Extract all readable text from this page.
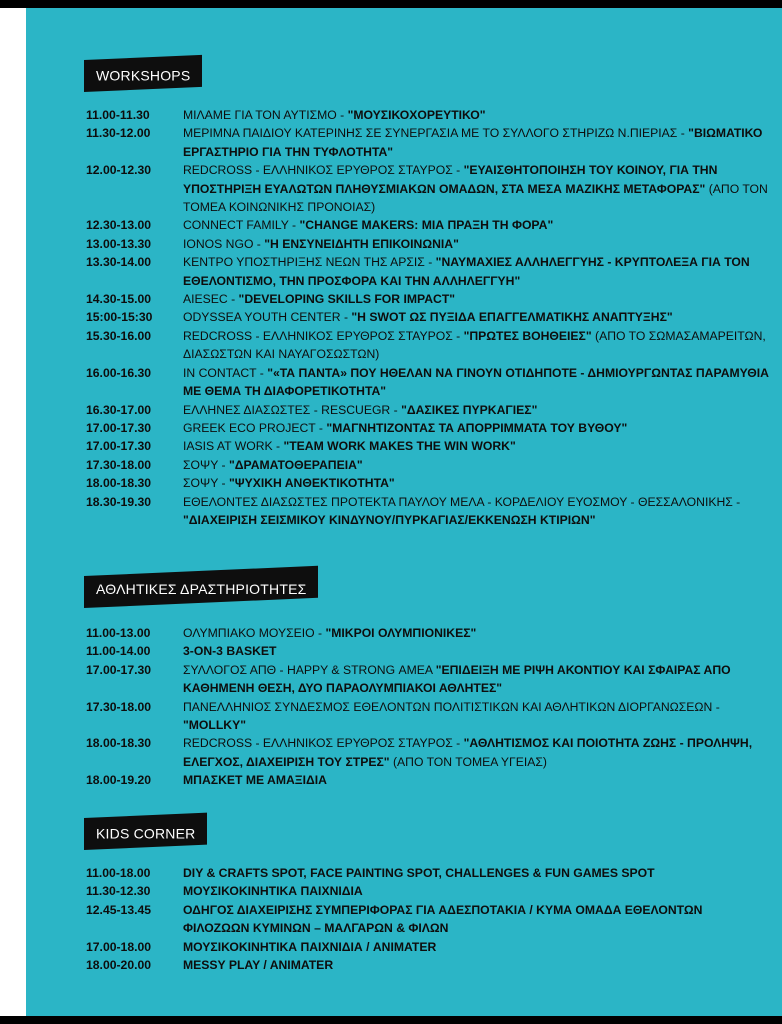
WORKSHOPS
11.00-11.30	ΜΙΛΑΜΕ ΓΙΑ ΤΟΝ ΑΥΤΙΣΜΟ - "ΜΟΥΣΙΚΟΧΟΡΕΥΤΙΚΟ"
11.30-12.00	ΜΕΡΙΜΝΑ ΠΑΙΔΙΟΥ ΚΑΤΕΡΙΝΗΣ ΣΕ ΣΥΝΕΡΓΑΣΙΑ ΜΕ ΤΟ ΣΥΛΛΟΓΟ ΣΤΗΡΙΖΩ Ν.ΠΙΕΡΙΑΣ - "ΒΙΩΜΑΤΙΚΟ ΕΡΓΑΣΤΗΡΙΟ ΓΙΑ ΤΗΝ ΤΥΦΛΟΤΗΤΑ"
12.00-12.30	REDCROSS - ΕΛΛΗΝΙΚΟΣ ΕΡΥΘΡΟΣ ΣΤΑΥΡΟΣ - "ΕΥΑΙΣΘΗΤΟΠΟΙΗΣΗ ΤΟΥ ΚΟΙΝΟΥ, ΓΙΑ ΤΗΝ ΥΠΟΣΤΗΡΙΞΗ ΕΥΑΛΩΤΩΝ ΠΛΗΘΥΣΜΙΑΚΩΝ ΟΜΑΔΩΝ, ΣΤΑ ΜΕΣΑ ΜΑΖΙΚΗΣ ΜΕΤΑΦΟΡΑΣ" (ΑΠΟ ΤΟΝ ΤΟΜΕΑ ΚΟΙΝΩΝΙΚΗΣ ΠΡΟΝΟΙΑΣ)
12.30-13.00	CONNECT FAMILY - "CHANGE MAKERS: ΜΙΑ ΠΡΑΞΗ ΤΗ ΦΟΡΑ"
13.00-13.30	IONOS NGO - "Η ΕΝΣΥΝΕΙΔΗΤΗ ΕΠΙΚΟΙΝΩΝΙΑ"
13.30-14.00	ΚΕΝΤΡΟ ΥΠΟΣΤΗΡΙΞΗΣ ΝΕΩΝ ΤΗΣ ΑΡΣΙΣ - "ΝΑΥΜΑΧΙΕΣ ΑΛΛΗΛΕΓΓΥΗΣ - ΚΡΥΠΤΟΛΕΞΑ ΓΙΑ ΤΟΝ ΕΘΕΛΟΝΤΙΣΜΟ, ΤΗΝ ΠΡΟΣΦΟΡΑ ΚΑΙ ΤΗΝ ΑΛΛΗΛΕΓΓΥΗ"
14.30-15.00	AIESEC - "DEVELOPING SKILLS FOR IMPACT"
15:00-15:30	ODYSSEA YOUTH CENTER - "Η SWOT ΩΣ ΠΥΞΙΔΑ ΕΠΑΓΓΕΛΜΑΤΙΚΗΣ ΑΝΑΠΤΥΞΗΣ"
15.30-16.00	REDCROSS - ΕΛΛΗΝΙΚΟΣ ΕΡΥΘΡΟΣ ΣΤΑΥΡΟΣ - "ΠΡΩΤΕΣ ΒΟΗΘΕΙΕΣ" (ΑΠΟ ΤΟ ΣΩΜΑΣΑΜΑΡΕΙΤΩΝ, ΔΙΑΣΩΣΤΩΝ ΚΑΙ ΝΑΥΑΓΟΣΩΣΤΩΝ)
16.00-16.30	IN CONTACT - "«ΤΑ ΠΑΝΤΑ» ΠΟΥ ΗΘΕΛΑΝ ΝΑ ΓΙΝΟΥΝ ΟΤΙΔΗΠΟΤΕ - ΔΗΜΙΟΥΡΓΩΝΤΑΣ ΠΑΡΑΜΥΘΙΑ ΜΕ ΘΕΜΑ ΤΗ ΔΙΑΦΟΡΕΤΙΚΟΤΗΤΑ"
16.30-17.00	ΕΛΛΗΝΕΣ ΔΙΑΣΩΣΤΕΣ - RESCUEGR - "ΔΑΣΙΚΕΣ ΠΥΡΚΑΓΙΕΣ"
17.00-17.30	GREEK ECO PROJECT - "ΜΑΓΝΗΤΙΖΟΝΤΑΣ ΤΑ ΑΠΟΡΡΙΜΜΑΤΑ ΤΟΥ ΒΥΘΟΥ"
17.00-17.30	IASIS AT WORK - "TEAM WORK MAKES THE WIN WORK"
17.30-18.00	ΣΟΨΥ - "ΔΡΑΜΑΤΟΘΕΡΑΠΕΙΑ"
18.00-18.30	ΣΟΨΥ - "ΨΥΧΙΚΗ ΑΝΘΕΚΤΙΚΟΤΗΤΑ"
18.30-19.30	ΕΘΕΛΟΝΤΕΣ ΔΙΑΣΩΣΤΕΣ ΠΡΟΤΕΚΤΑ ΠΑΥΛΟΥ ΜΕΛΑ - ΚΟΡΔΕΛΙΟΥ ΕΥΟΣΜΟΥ - ΘΕΣΣΑΛΟΝΙΚΗΣ - "ΔΙΑΧΕΙΡΙΣΗ ΣΕΙΣΜΙΚΟΥ ΚΙΝΔΥΝΟΥ/ΠΥΡΚΑΓΙΑΣ/ΕΚΚΕΝΩΣΗ ΚΤΙΡΙΩΝ"
ΑΘΛΗΤΙΚΕΣ ΔΡΑΣΤΗΡΙΟΤΗΤΕΣ
11.00-13.00	ΟΛΥΜΠΙΑΚΟ ΜΟΥΣΕΙΟ - "ΜΙΚΡΟΙ ΟΛΥΜΠΙΟΝΙΚΕΣ"
11.00-14.00	3-ON-3 BASKET
17.00-17.30	ΣΥΛΛΟΓΟΣ ΑΠΘ - HAPPY & STRONG ΑΜΕΑ "ΕΠΙΔΕΙΞΗ ΜΕ ΡΙΨΗ ΑΚΟΝΤΙΟΥ ΚΑΙ ΣΦΑΙΡΑΣ ΑΠΟ ΚΑΘΗΜΕΝΗ ΘΕΣΗ, ΔΥΟ ΠΑΡΑΟΛΥΜΠΙΑΚΟΙ ΑΘΛΗΤΕΣ"
17.30-18.00	ΠΑΝΕΛΛΗΝΙΟΣ ΣΥΝΔΕΣΜΟΣ ΕΘΕΛΟΝΤΩΝ ΠΟΛΙΤΙΣΤΙΚΩΝ ΚΑΙ ΑΘΛΗΤΙΚΩΝ ΔΙΟΡΓΑΝΩΣΕΩΝ - "MOLLKY"
18.00-18.30	REDCROSS - ΕΛΛΗΝΙΚΟΣ ΕΡΥΘΡΟΣ ΣΤΑΥΡΟΣ - "ΑΘΛΗΤΙΣΜΟΣ ΚΑΙ ΠΟΙΟΤΗΤΑ ΖΩΗΣ - ΠΡΟΛΗΨΗ, ΕΛΕΓΧΟΣ, ΔΙΑΧΕΙΡΙΣΗ ΤΟΥ ΣΤΡΕΣ" (ΑΠΟ ΤΟΝ ΤΟΜΕΑ ΥΓΕΙΑΣ)
18.00-19.20	ΜΠΑΣΚΕΤ ΜΕ ΑΜΑΞΙΔΙΑ
KIDS CORNER
11.00-18.00	DIY & CRAFTS SPOT, FACE PAINTING SPOT, CHALLENGES & FUN GAMES SPOT
11.30-12.30	ΜΟΥΣΙΚΟΚΙΝΗΤΙΚΑ ΠΑΙΧΝΙΔΙΑ
12.45-13.45	ΟΔΗΓΟΣ ΔΙΑΧΕΙΡΙΣΗΣ ΣΥΜΠΕΡΙΦΟΡΑΣ ΓΙΑ ΑΔΕΣΠΟΤΑΚΙΑ / ΚΥΜΑ ΟΜΑΔΑ ΕΘΕΛΟΝΤΩΝ ΦΙΛΟΖΩΩΝ ΚΥΜΙΝΩΝ – ΜΑΛΓΑΡΩΝ & ΦΙΛΩΝ
17.00-18.00	ΜΟΥΣΙΚΟΚΙΝΗΤΙΚΑ ΠΑΙΧΝΙΔΙΑ / ANIMATER
18.00-20.00	MESSY PLAY / ANIMATER
